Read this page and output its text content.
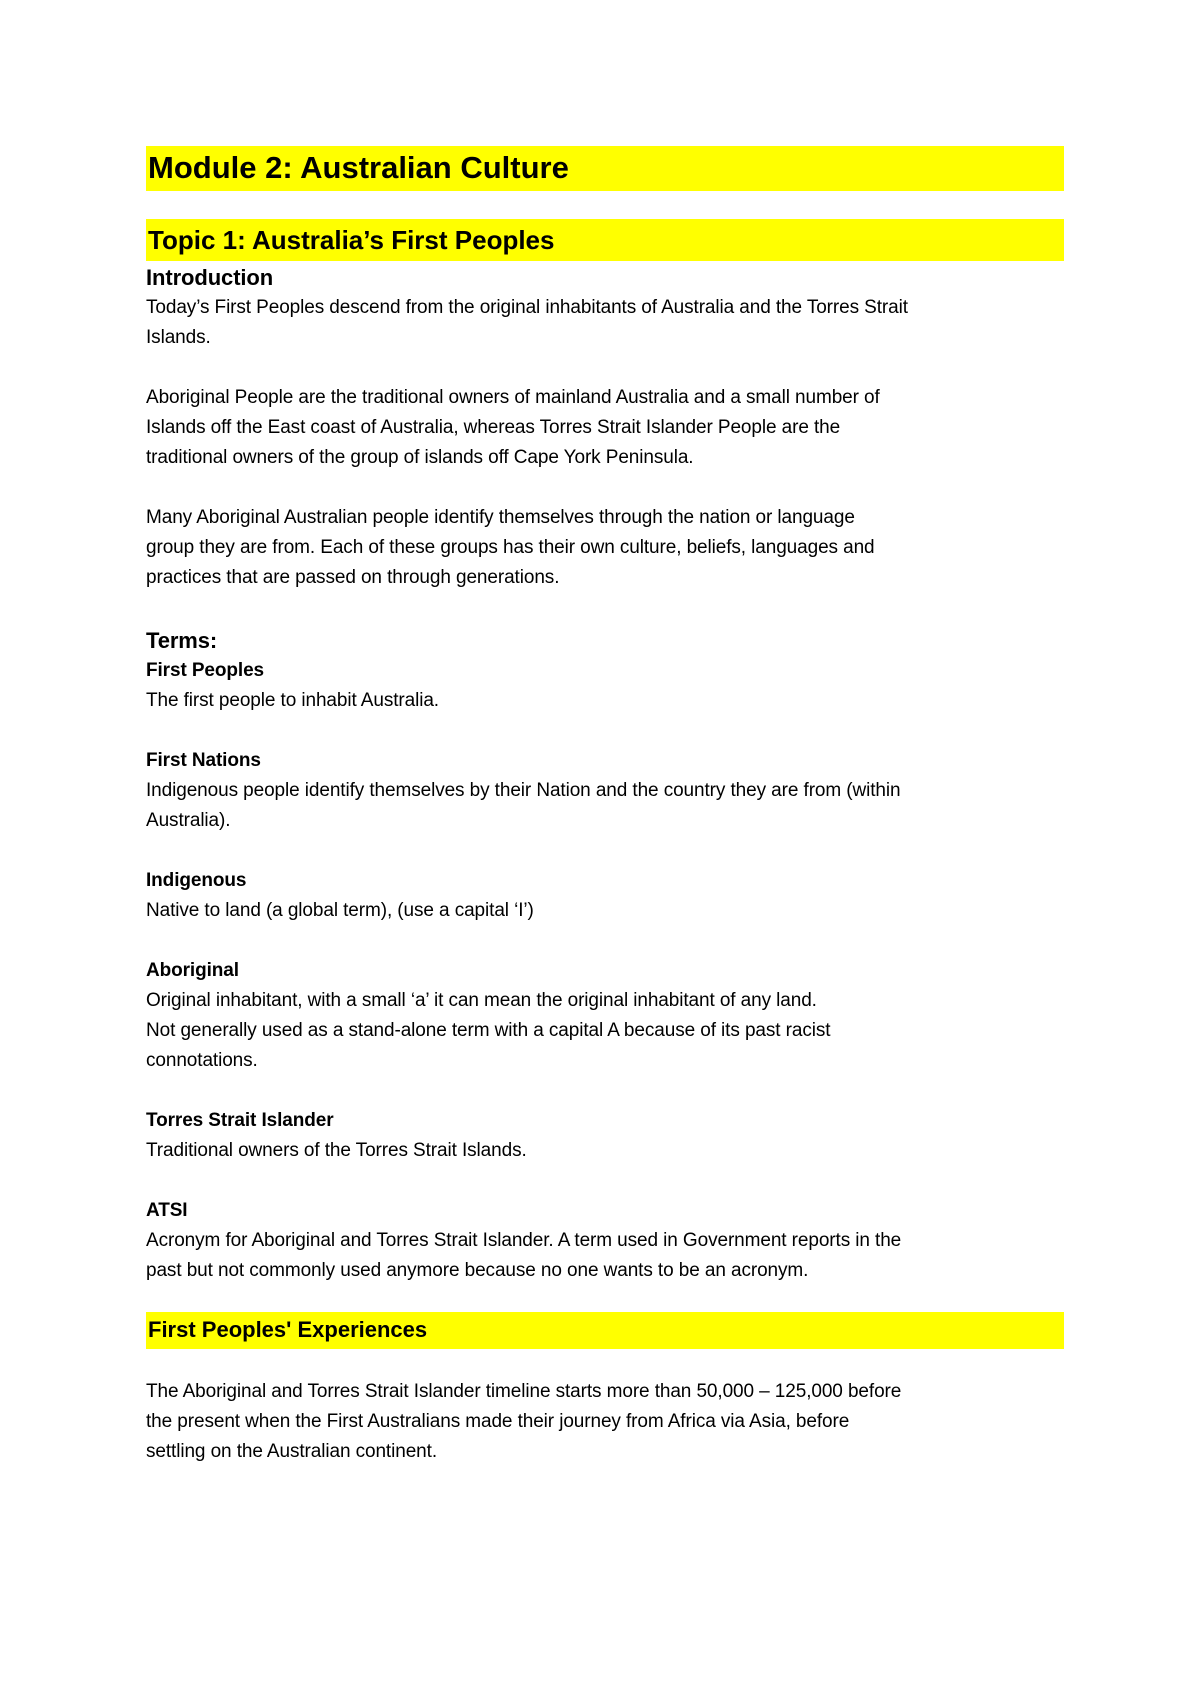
Module 2: Australian Culture
Topic 1: Australia’s First Peoples
Introduction
Today’s First Peoples descend from the original inhabitants of Australia and the Torres Strait
Islands.
Aboriginal People are the traditional owners of mainland Australia and a small number of
Islands off the East coast of Australia, whereas Torres Strait Islander People are the
traditional owners of the group of islands off Cape York Peninsula.
Many Aboriginal Australian people identify themselves through the nation or language
group they are from. Each of these groups has their own culture, beliefs, languages and
practices that are passed on through generations.
Terms:
First Peoples
The first people to inhabit Australia.
First Nations
Indigenous people identify themselves by their Nation and the country they are from (within
Australia).
Indigenous
Native to land (a global term), (use a capital ‘I’)
Aboriginal
Original inhabitant, with a small ‘a’ it can mean the original inhabitant of any land.
Not generally used as a stand-alone term with a capital A because of its past racist
connotations.
Torres Strait Islander
Traditional owners of the Torres Strait Islands.
ATSI
Acronym for Aboriginal and Torres Strait Islander. A term used in Government reports in the
past but not commonly used anymore because no one wants to be an acronym.
First Peoples' Experiences
The Aboriginal and Torres Strait Islander timeline starts more than 50,000 – 125,000 before
the present when the First Australians made their journey from Africa via Asia, before
settling on the Australian continent.
